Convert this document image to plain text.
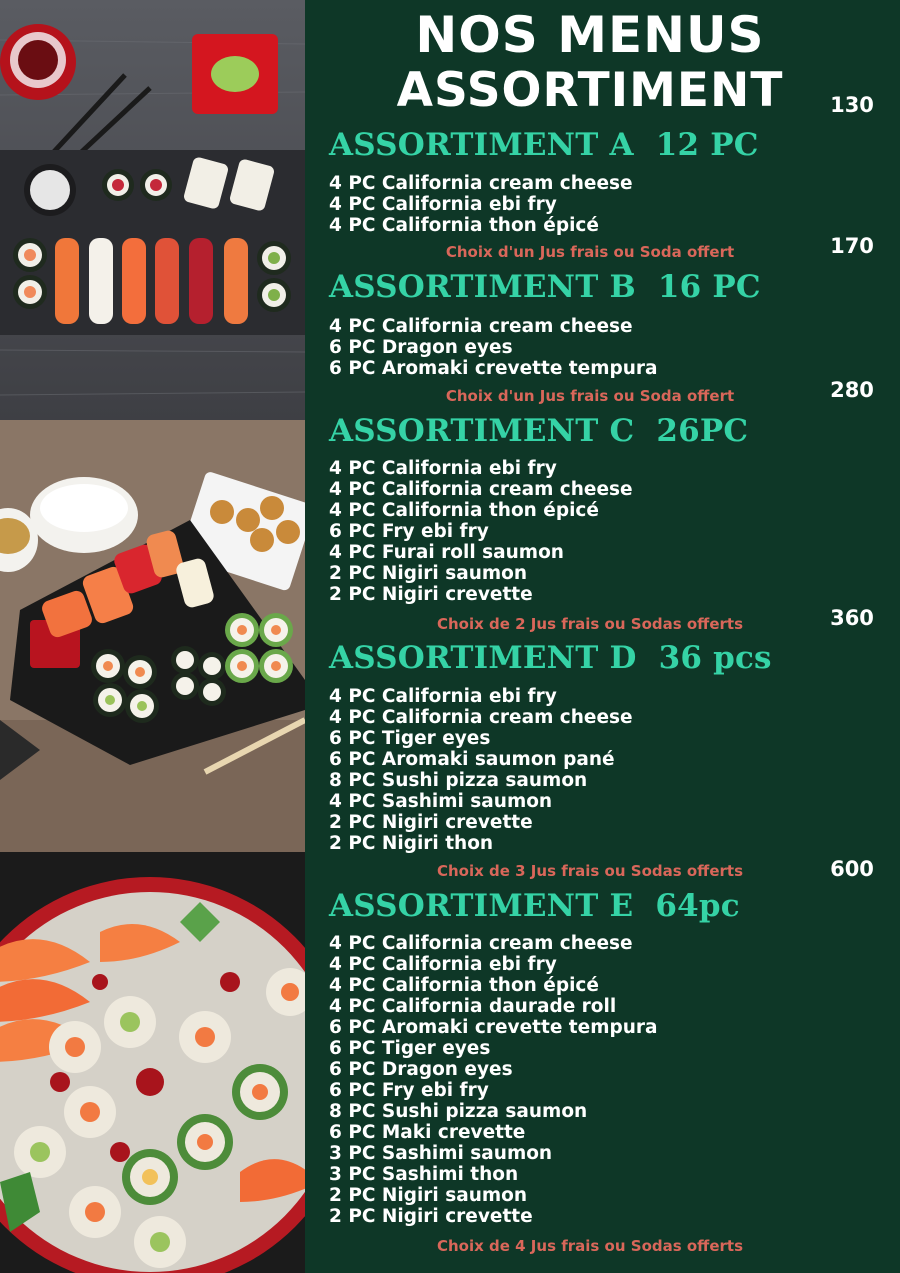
NOS MENUS
ASSORTIMENT	130
ASSORTIMENT A 12 PC
4 PC California cream cheese
4 PC California ebi fry
4 PC California thon épicé
Choix d'un Jus frais ou Soda offert	170
ASSORTIMENT B 16 PC
4 PC California cream cheese
6 PC Dragon eyes
6 PC Aromaki crevette tempura
Choix d'un Jus frais ou Soda offert	280
ASSORTIMENT C 26PC
4 PC California ebi fry
4 PC California cream cheese
4 PC California thon épicé
6 PC Fry ebi fry
4 PC Furai roll saumon
2 PC Nigiri saumon
2 PC Nigiri crevette
Choix de 2 Jus frais ou Sodas offerts	360
ASSORTIMENT D 36 pcs
4 PC California ebi fry
4 PC California cream cheese
6 PC Tiger eyes
6 PC Aromaki saumon pané
8 PC Sushi pizza saumon
4 PC Sashimi saumon
2 PC Nigiri crevette
2 PC Nigiri thon
Choix de 3 Jus frais ou Sodas offerts	600
ASSORTIMENT E 64pc
4 PC California cream cheese
4 PC California ebi fry
4 PC California thon épicé
4 PC California daurade roll
6 PC Aromaki crevette tempura
6 PC Tiger eyes
6 PC Dragon eyes
6 PC Fry ebi fry
8 PC Sushi pizza saumon
6 PC Maki crevette
3 PC Sashimi saumon
3 PC Sashimi thon
2 PC Nigiri saumon
2 PC Nigiri crevette
Choix de 4 Jus frais ou Sodas offerts
